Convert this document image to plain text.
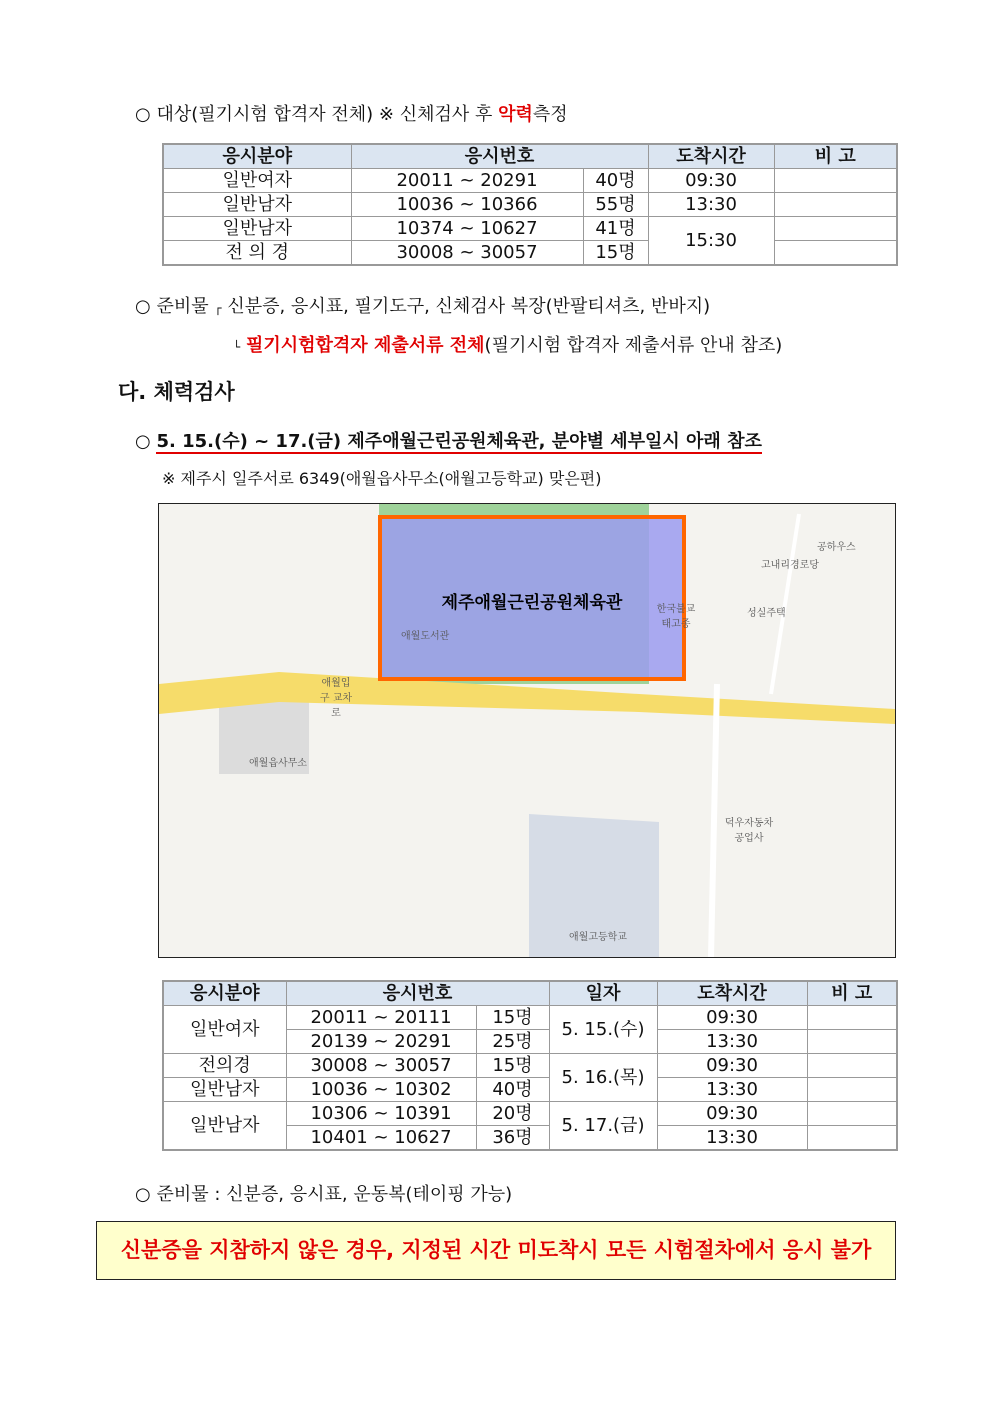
○ 대상(필기시험 합격자 전체) ※ 신체검사 후 악력측정
응시분야	응시번호		도착시간	비 고
일반여자	20011 ~ 20291	40명	09:30	
일반남자	10036 ~ 10366	55명	13:30	
일반남자	10374 ~ 10627	41명	15:30	
전 의 경	30008 ~ 30057	15명		
○ 준비물 ┌ 신분증, 응시표, 필기도구, 신체검사 복장(반팔티셔츠, 반바지)
└ 필기시험합격자 제출서류 전체(필기시험 합격자 제출서류 안내 참조)
다. 체력검사
○ 5. 15.(수) ~ 17.(금) 제주애월근린공원체육관, 분야별 세부일시 아래 참조
※ 제주시 일주서로 6349(애월읍사무소(애월고등학교) 맞은편)
제주애월근린공원체육관
애월도서관
애월입구 교차로
애월읍사무소
공하우스
고내리경로당
성실주택
한국불교 태고종
덕우자동차 공업사
애월고등학교
응시분야	응시번호		일자	도착시간	비 고
일반여자	20011 ~ 20111	15명	5. 15.(수)	09:30	
	20139 ~ 20291	25명		13:30	
전의경	30008 ~ 30057	15명	5. 16.(목)	09:30	
일반남자	10036 ~ 10302	40명		13:30	
일반남자	10306 ~ 10391	20명	5. 17.(금)	09:30	
	10401 ~ 10627	36명		13:30	
○ 준비물 : 신분증, 응시표, 운동복(테이핑 가능)
신분증을 지참하지 않은 경우, 지정된 시간 미도착시 모든 시험절차에서 응시 불가
